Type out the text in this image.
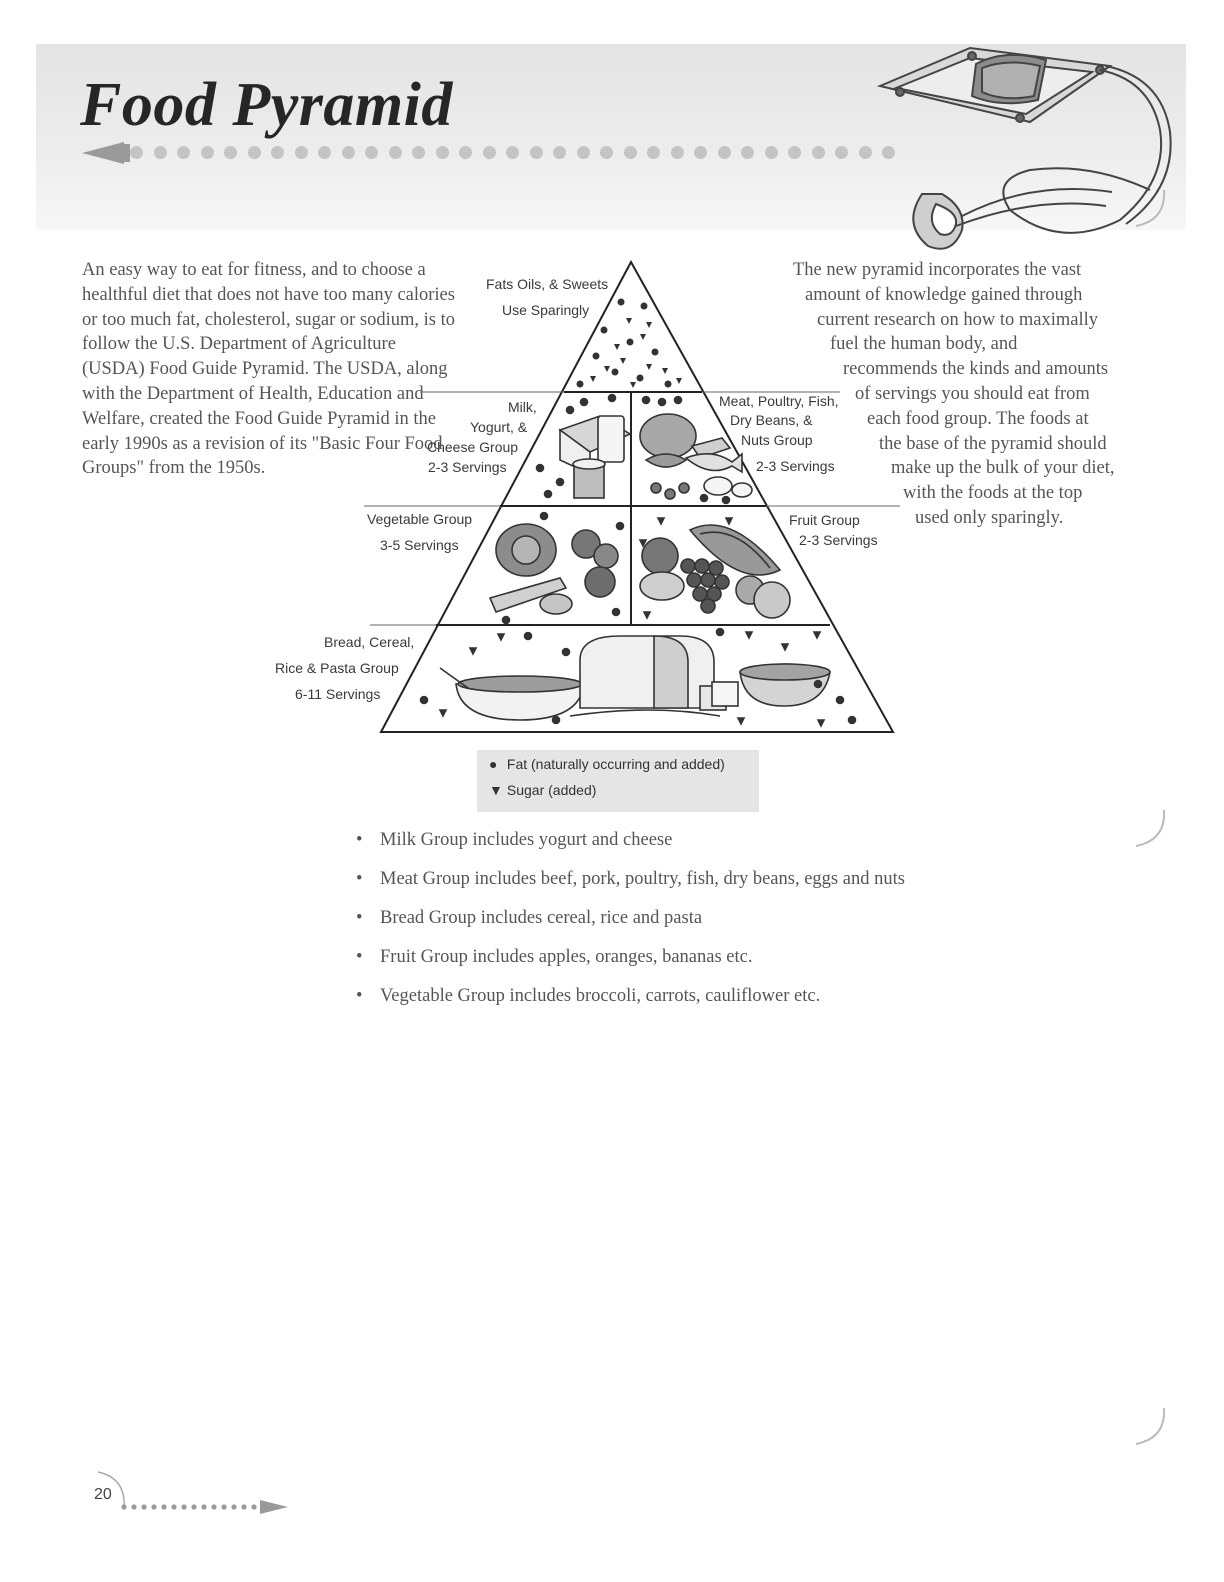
Food Pyramid

An easy way to eat for fitness, and to choose a healthful diet that does not have too many calories or too much fat, cholesterol, sugar or sodium, is to follow the U.S. Department of Agriculture (USDA) Food Guide Pyramid. The USDA, along with the Department of Health, Education and Welfare, created the Food Guide Pyramid in the early 1990s as a revision of its "Basic Four Food Groups" from the 1950s.

The new pyramid incorporates the vast
amount of knowledge gained through
current research on how to maximally
fuel the human body, and
recommends the kinds and amounts
of servings you should eat from
each food group. The foods at
the base of the pyramid should
make up the bulk of your diet,
with the foods at the top
used only sparingly.
Fats Oils, & Sweets
Use Sparingly
Milk,
Yogurt, &
Cheese Group
2-3 Servings
Meat, Poultry, Fish,
Dry Beans, &
Nuts Group
2-3 Servings
Vegetable Group
3-5 Servings
Fruit Group
2-3 Servings
Bread, Cereal,
Rice & Pasta Group
6-11 Servings
● Fat (naturally occurring and added)
▼ Sugar (added)
• Milk Group includes yogurt and cheese
• Meat Group includes beef, pork, poultry, fish, dry beans, eggs and nuts
• Bread Group includes cereal, rice and pasta
• Fruit Group includes apples, oranges, bananas etc.
• Vegetable Group includes broccoli, carrots, cauliflower etc.
20
